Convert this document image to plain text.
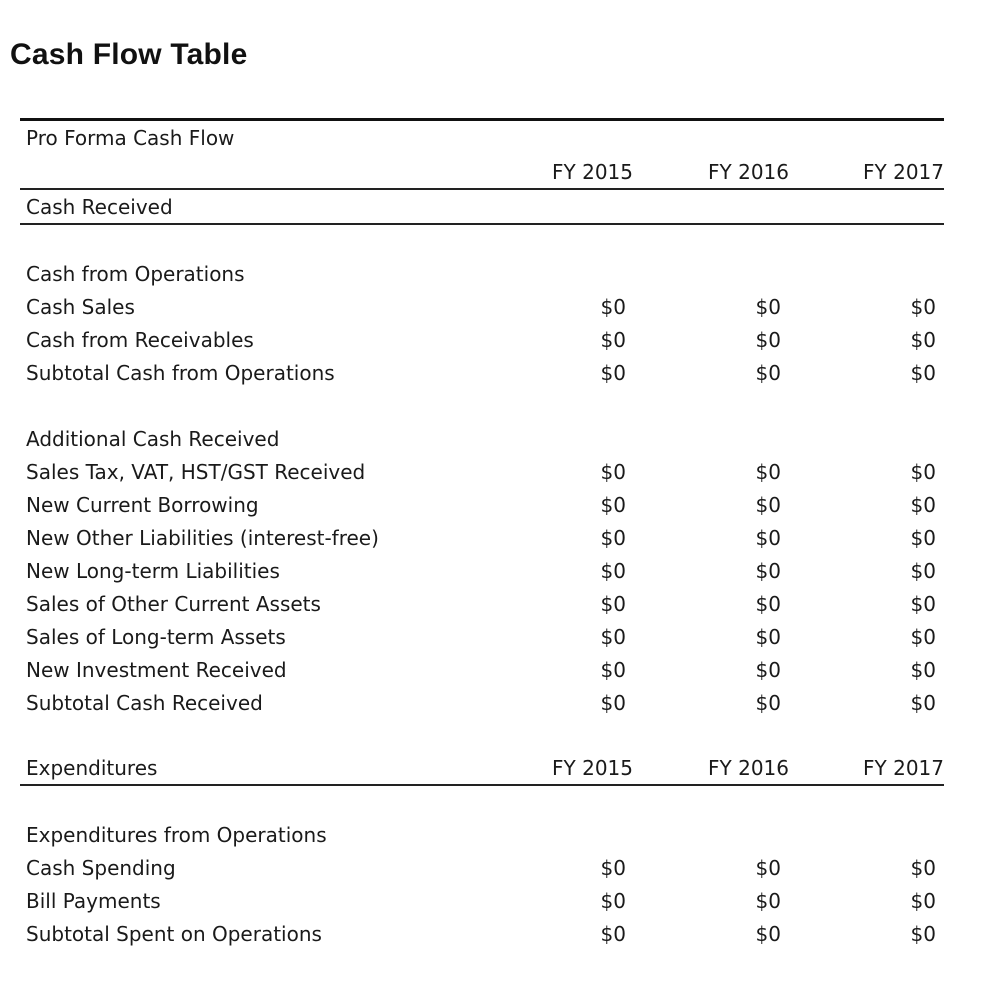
Cash Flow Table
Pro Forma Cash Flow
FY 2015	FY 2016	FY 2017
Cash Received
Cash from Operations
Cash Sales	$0	$0	$0
Cash from Receivables	$0	$0	$0
Subtotal Cash from Operations	$0	$0	$0
Additional Cash Received
Sales Tax, VAT, HST/GST Received	$0	$0	$0
New Current Borrowing	$0	$0	$0
New Other Liabilities (interest-free)	$0	$0	$0
New Long-term Liabilities	$0	$0	$0
Sales of Other Current Assets	$0	$0	$0
Sales of Long-term Assets	$0	$0	$0
New Investment Received	$0	$0	$0
Subtotal Cash Received	$0	$0	$0
Expenditures	FY 2015	FY 2016	FY 2017
Expenditures from Operations
Cash Spending	$0	$0	$0
Bill Payments	$0	$0	$0
Subtotal Spent on Operations	$0	$0	$0
